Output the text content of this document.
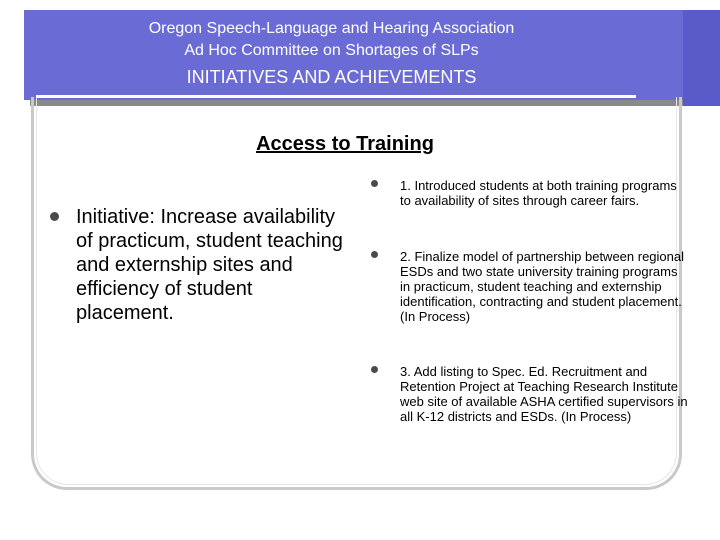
Oregon Speech-Language and Hearing Association
Ad Hoc Committee on Shortages of SLPs
INITIATIVES AND ACHIEVEMENTS
Access to Training
Initiative: Increase availability of practicum, student teaching and externship sites and efficiency of student placement.
1. Introduced students at both training programs to availability of sites through career fairs.
2. Finalize model of partnership between regional ESDs and two state university training programs in practicum, student teaching and externship identification, contracting and student placement. (In Process)
3. Add listing to Spec. Ed. Recruitment and Retention Project at Teaching Research Institute web site of available ASHA certified supervisors in all K-12 districts and ESDs. (In Process)
